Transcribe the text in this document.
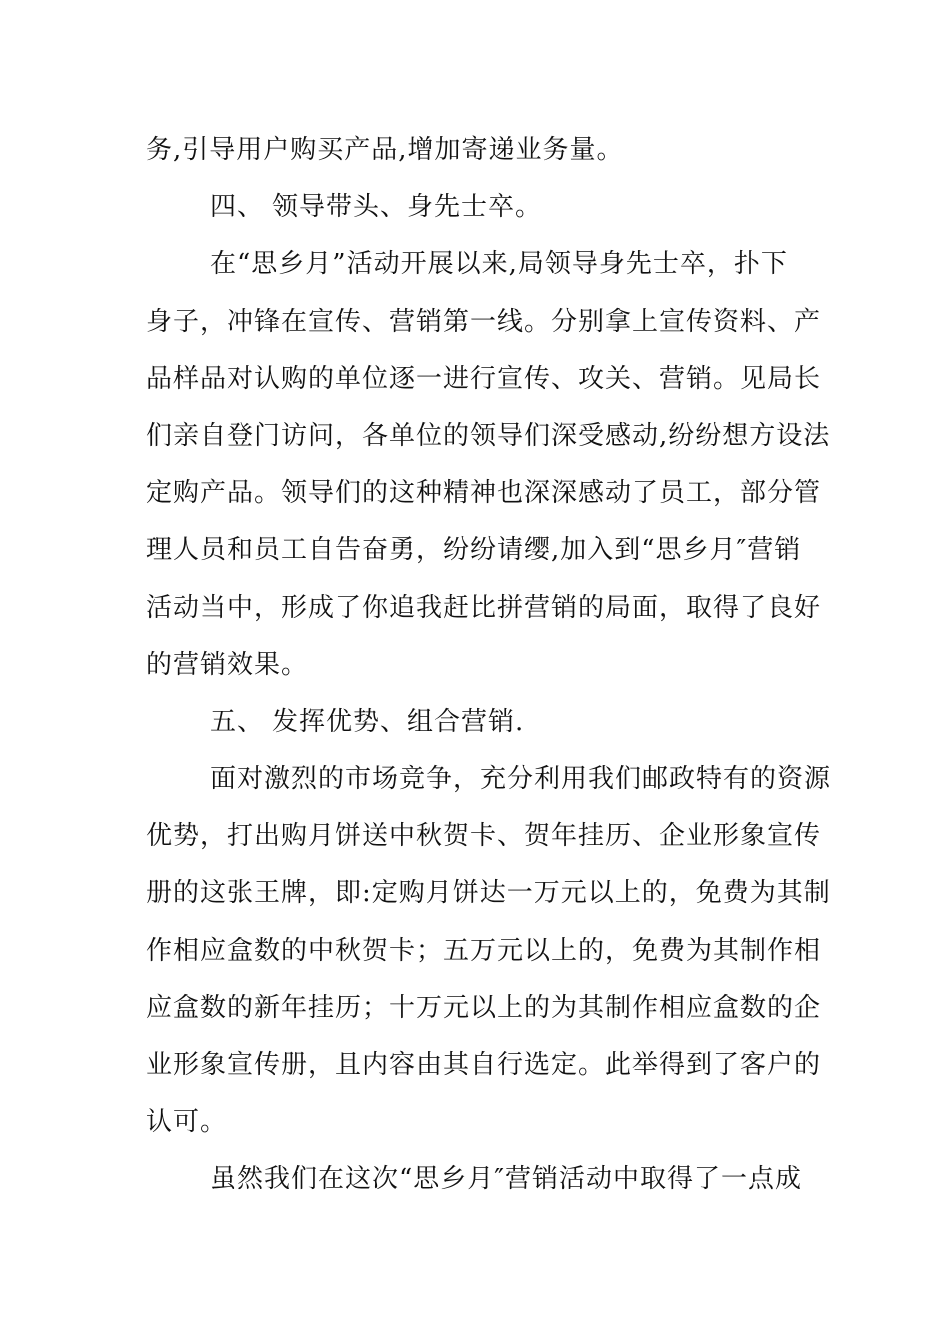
务,引导用户购买产品,增加寄递业务量。
四、 领导带头、身先士卒。
在“思乡月”活动开展以来,局领导身先士卒，扑下
身子，冲锋在宣传、营销第一线。分别拿上宣传资料、产
品样品对认购的单位逐一进行宣传、攻关、营销。见局长
们亲自登门访问，各单位的领导们深受感动,纷纷想方设法
定购产品。领导们的这种精神也深深感动了员工，部分管
理人员和员工自告奋勇，纷纷请缨,加入到“思乡月″营销
活动当中，形成了你追我赶比拼营销的局面，取得了良好
的营销效果。
五、 发挥优势、组合营销.
面对激烈的市场竞争，充分利用我们邮政特有的资源
优势，打出购月饼送中秋贺卡、贺年挂历、企业形象宣传
册的这张王牌，即:定购月饼达一万元以上的，免费为其制
作相应盒数的中秋贺卡；五万元以上的，免费为其制作相
应盒数的新年挂历；十万元以上的为其制作相应盒数的企
业形象宣传册，且内容由其自行选定。此举得到了客户的
认可。
虽然我们在这次“思乡月″营销活动中取得了一点成
